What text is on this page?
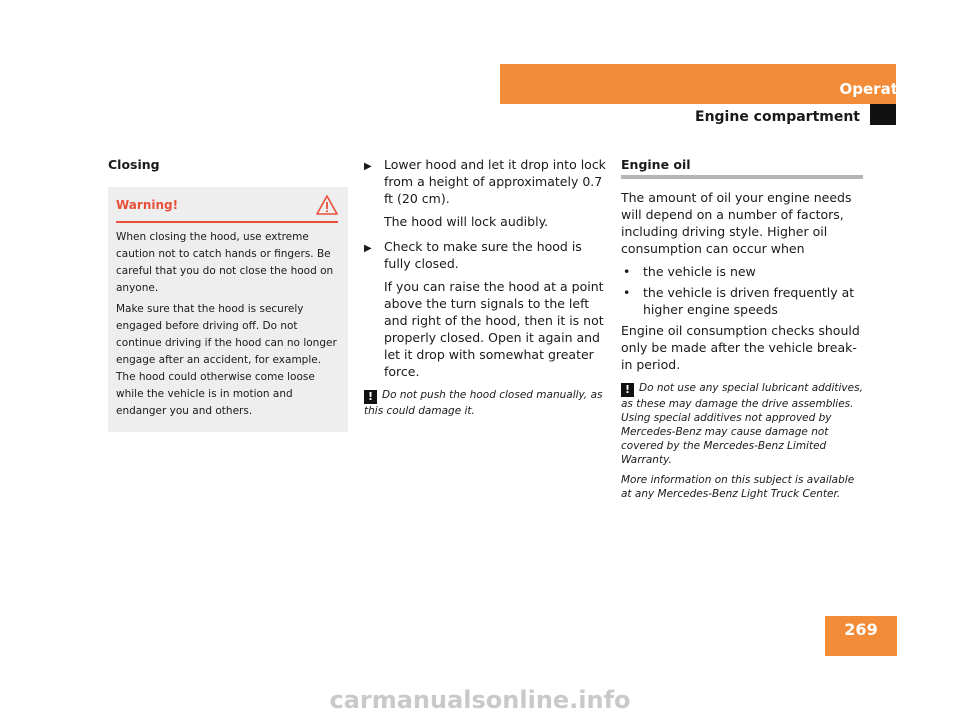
Operation
Engine compartment

Closing

Warning!

When closing the hood, use extreme caution not to catch hands or fingers. Be careful that you do not close the hood on anyone.

Make sure that the hood is securely engaged before driving off. Do not continue driving if the hood can no longer engage after an accident, for example. The hood could otherwise come loose while the vehicle is in motion and endanger you and others.

▶ Lower hood and let it drop into lock from a height of approximately 0.7 ft (20 cm).

The hood will lock audibly.

▶ Check to make sure the hood is fully closed.

If you can raise the hood at a point above the turn signals to the left and right of the hood, then it is not properly closed. Open it again and let it drop with somewhat greater force.

! Do not push the hood closed manually, as this could damage it.

Engine oil

The amount of oil your engine needs will depend on a number of factors, including driving style. Higher oil consumption can occur when

•	the vehicle is new
•	the vehicle is driven frequently at higher engine speeds

Engine oil consumption checks should only be made after the vehicle break-in period.

! Do not use any special lubricant additives, as these may damage the drive assemblies. Using special additives not approved by Mercedes-Benz may cause damage not covered by the Mercedes-Benz Limited Warranty.

More information on this subject is available at any Mercedes-Benz Light Truck Center.

269
carmanualsonline.info
